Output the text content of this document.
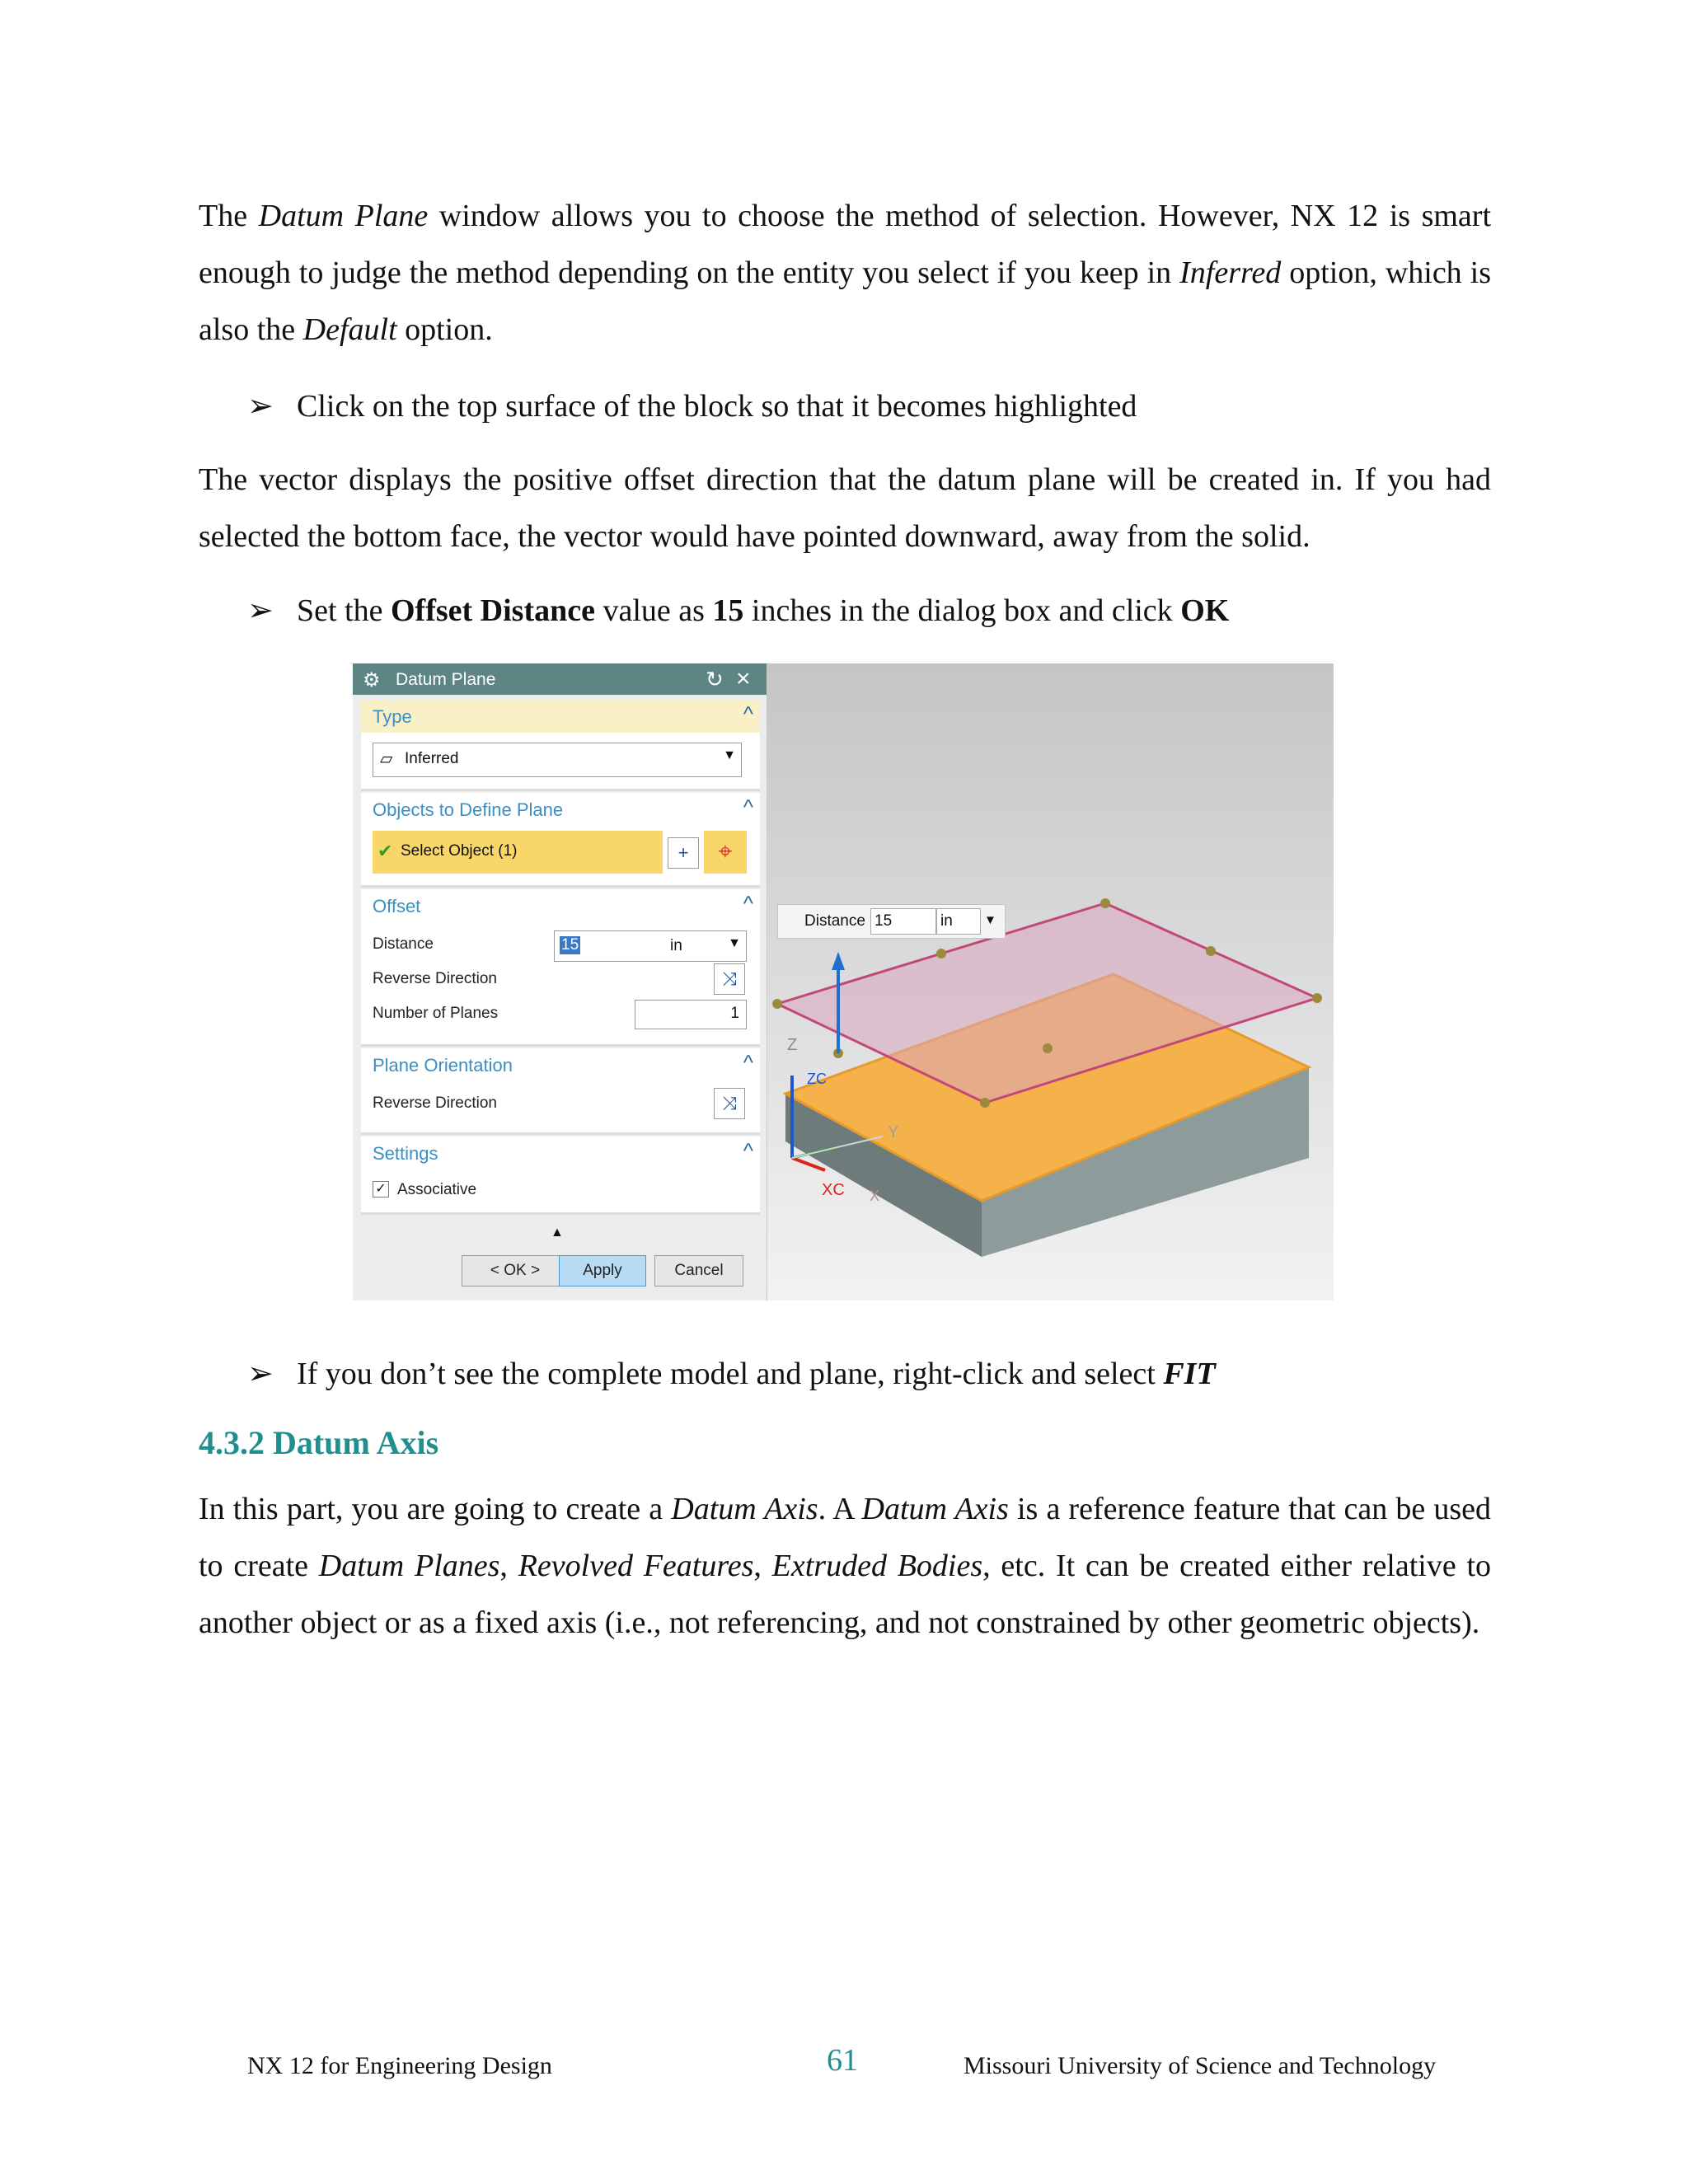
The Datum Plane window allows you to choose the method of selection. However, NX 12 is smart enough to judge the method depending on the entity you select if you keep in Inferred option, which is also the Default option.

➢ Click on the top surface of the block so that it becomes highlighted

The vector displays the positive offset direction that the datum plane will be created in. If you had selected the bottom face, the vector would have pointed downward, away from the solid.

➢ Set the Offset Distance value as 15 inches in the dialog box and click OK
⚙ Datum Plane	↻ ×
Type	^
▱ Inferred	▼
Objects to Define Plane	^
✔ Select Object (1)	+	⌖
Offset	^
Distance	15	in	▼
Reverse Direction	⤨
Number of Planes	1
Plane Orientation	^
Reverse Direction	⤨
Settings	^
✓ Associative
▲
< OK >	Apply	Cancel
Distance 15	in	▼
Z
ZC
Y
XC X
➢ If you don’t see the complete model and plane, right-click and select FIT
4.3.2 Datum Axis

In this part, you are going to create a Datum Axis. A Datum Axis is a reference feature that can be used to create Datum Planes, Revolved Features, Extruded Bodies, etc. It can be created either relative to another object or as a fixed axis (i.e., not referencing, and not constrained by other geometric objects).

NX 12 for Engineering Design	61	Missouri University of Science and Technology
